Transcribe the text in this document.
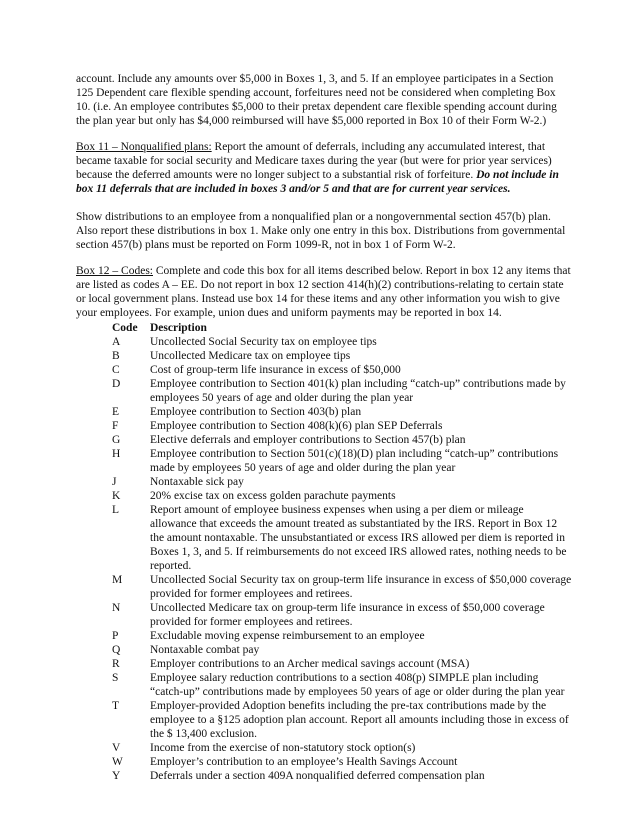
account. Include any amounts over $5,000 in Boxes 1, 3, and 5. If an employee participates in a Section 125 Dependent care flexible spending account, forfeitures need not be considered when completing Box 10. (i.e. An employee contributes $5,000 to their pretax dependent care flexible spending account during the plan year but only has $4,000 reimbursed will have $5,000 reported in Box 10 of their Form W-2.)

Box 11 – Nonqualified plans: Report the amount of deferrals, including any accumulated interest, that became taxable for social security and Medicare taxes during the year (but were for prior year services) because the deferred amounts were no longer subject to a substantial risk of forfeiture. Do not include in box 11 deferrals that are included in boxes 3 and/or 5 and that are for current year services.

Show distributions to an employee from a nonqualified plan or a nongovernmental section 457(b) plan. Also report these distributions in box 1. Make only one entry in this box. Distributions from governmental section 457(b) plans must be reported on Form 1099-R, not in box 1 of Form W-2.

Box 12 – Codes: Complete and code this box for all items described below. Report in box 12 any items that are listed as codes A – EE. Do not report in box 12 section 414(h)(2) contributions-relating to certain state or local government plans. Instead use box 14 for these items and any other information you wish to give your employees. For example, union dues and uniform payments may be reported in box 14.

Code	Description
A	Uncollected Social Security tax on employee tips
B	Uncollected Medicare tax on employee tips
C	Cost of group-term life insurance in excess of $50,000
D	Employee contribution to Section 401(k) plan including “catch-up” contributions made by employees 50 years of age and older during the plan year
E	Employee contribution to Section 403(b) plan
F	Employee contribution to Section 408(k)(6) plan SEP Deferrals
G	Elective deferrals and employer contributions to Section 457(b) plan
H	Employee contribution to Section 501(c)(18)(D) plan including “catch-up” contributions made by employees 50 years of age and older during the plan year
J	Nontaxable sick pay
K	20% excise tax on excess golden parachute payments
L	Report amount of employee business expenses when using a per diem or mileage allowance that exceeds the amount treated as substantiated by the IRS. Report in Box 12 the amount nontaxable. The unsubstantiated or excess IRS allowed per diem is reported in Boxes 1, 3, and 5. If reimbursements do not exceed IRS allowed rates, nothing needs to be reported.
M	Uncollected Social Security tax on group-term life insurance in excess of $50,000 coverage provided for former employees and retirees.
N	Uncollected Medicare tax on group-term life insurance in excess of $50,000 coverage provided for former employees and retirees.
P	Excludable moving expense reimbursement to an employee
Q	Nontaxable combat pay
R	Employer contributions to an Archer medical savings account (MSA)
S	Employee salary reduction contributions to a section 408(p) SIMPLE plan including “catch-up” contributions made by employees 50 years of age or older during the plan year
T	Employer-provided Adoption benefits including the pre-tax contributions made by the employee to a §125 adoption plan account. Report all amounts including those in excess of the $ 13,400 exclusion.
V	Income from the exercise of non-statutory stock option(s)
W	Employer’s contribution to an employee’s Health Savings Account
Y	Deferrals under a section 409A nonqualified deferred compensation plan
